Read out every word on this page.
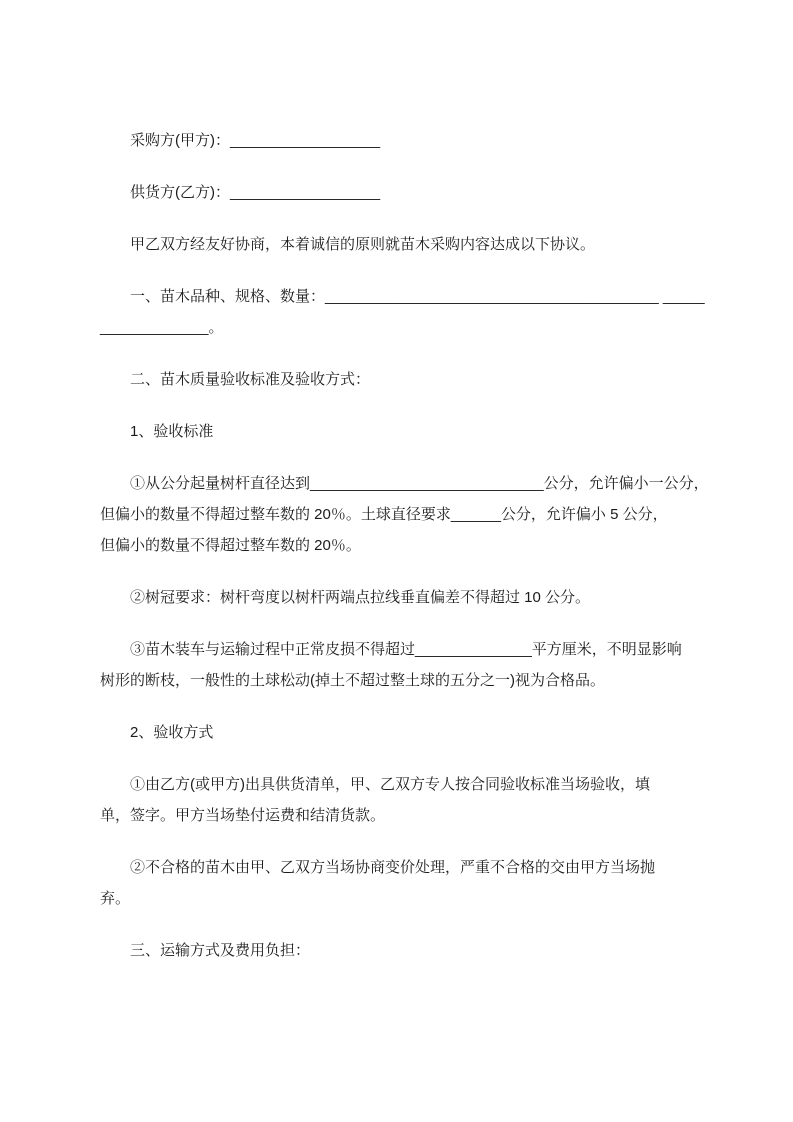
采购方(甲方)：__________________
供货方(乙方)：__________________
甲乙双方经友好协商，本着诚信的原则就苗木采购内容达成以下协议。
一、苗木品种、规格、数量：________________________________________ _____
_____________。
二、苗木质量验收标准及验收方式：
1、验收标准
①从公分起量树杆直径达到____________________________公分，允许偏小一公分，
但偏小的数量不得超过整车数的 20％。土球直径要求______公分，允许偏小 5 公分，
但偏小的数量不得超过整车数的 20％。
②树冠要求：树杆弯度以树杆两端点拉线垂直偏差不得超过 10 公分。
③苗木装车与运输过程中正常皮损不得超过______________平方厘米，不明显影响
树形的断枝，一般性的土球松动(掉土不超过整土球的五分之一)视为合格品。
2、验收方式
①由乙方(或甲方)出具供货清单，甲、乙双方专人按合同验收标准当场验收，填
单，签字。甲方当场垫付运费和结清货款。
②不合格的苗木由甲、乙双方当场协商变价处理，严重不合格的交由甲方当场抛
弃。
三、运输方式及费用负担：
